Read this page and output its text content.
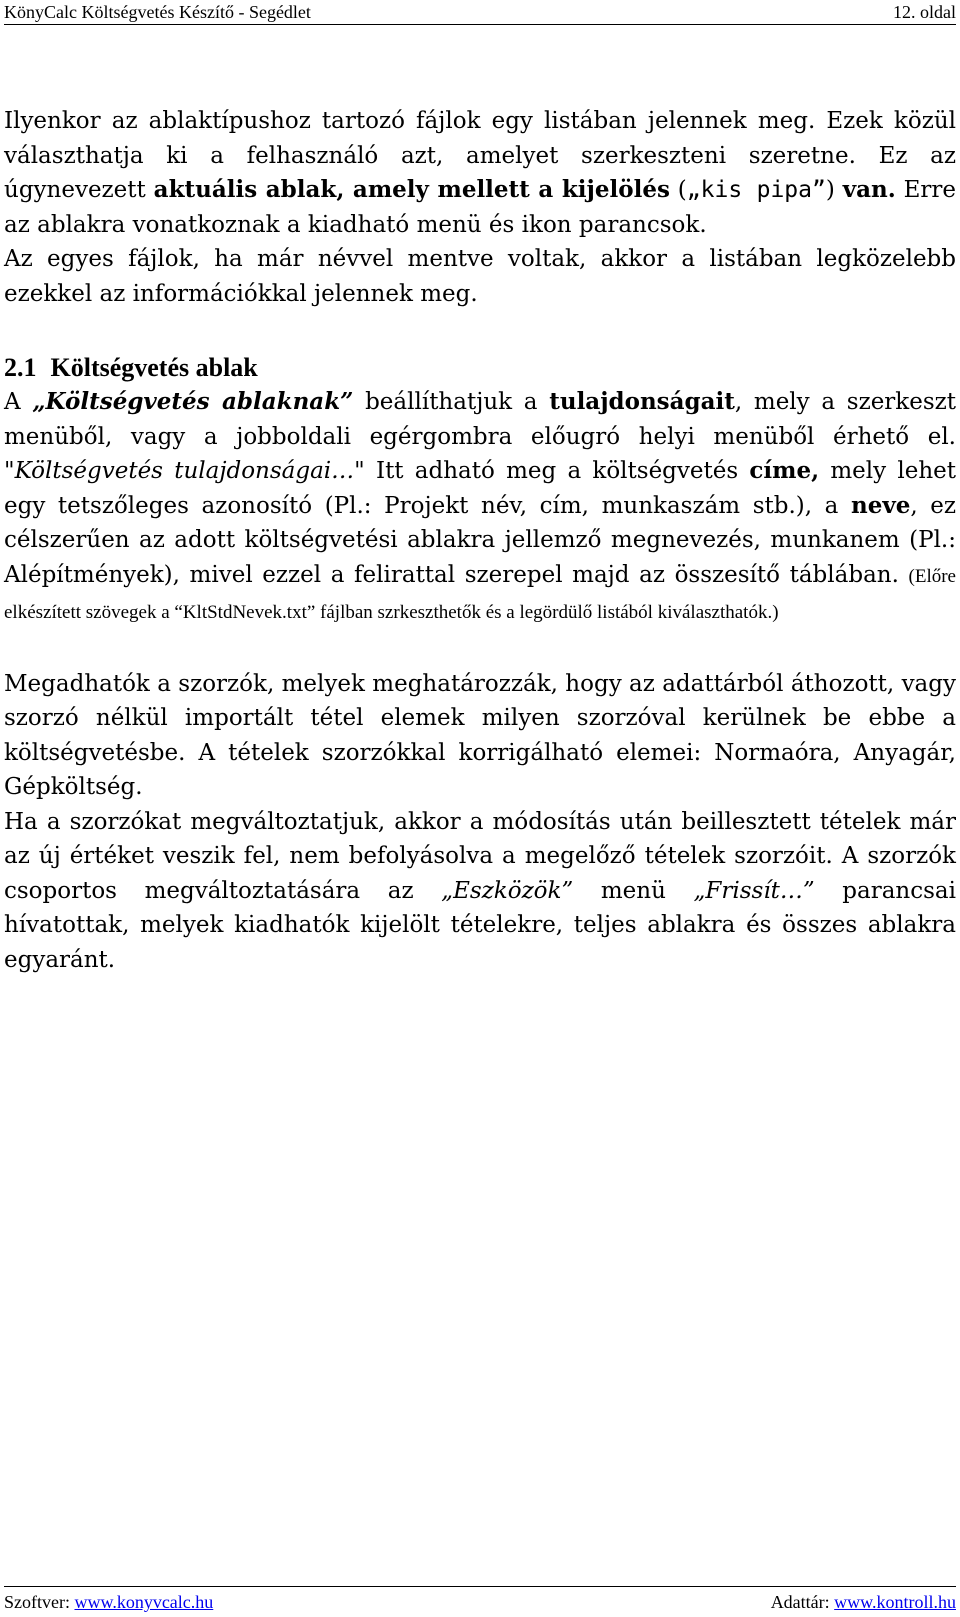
KönyCalc Költségvetés Készítő - Segédlet	12. oldal

Ilyenkor az ablaktípushoz tartozó fájlok egy listában jelennek meg. Ezek közül választhatja ki a felhasználó azt, amelyet szerkeszteni szeretne. Ez az úgynevezett aktuális ablak, amely mellett a kijelölés („kis pipa”) van. Erre az ablakra vonatkoznak a kiadható menü és ikon parancsok.

Az egyes fájlok, ha már névvel mentve voltak, akkor a listában legközelebb ezekkel az információkkal jelennek meg.

2.1 Költségvetés ablak

A „Költségvetés ablaknak” beállíthatjuk a tulajdonságait, mely a szerkeszt menüből, vagy a jobboldali egérgombra előugró helyi menüből érhető el. "Költségvetés tulajdonságai…" Itt adható meg a költségvetés címe, mely lehet egy tetszőleges azonosító (Pl.: Projekt név, cím, munkaszám stb.), a neve, ez célszerűen az adott költségvetési ablakra jellemző megnevezés, munkanem (Pl.: Alépítmények), mivel ezzel a felirattal szerepel majd az összesítő táblában. (Előre elkészített szövegek a “KltStdNevek.txt” fájlban szrkeszthetők és a legördülő listából kiválaszthatók.)

Megadhatók a szorzók, melyek meghatározzák, hogy az adattárból áthozott, vagy szorzó nélkül importált tétel elemek milyen szorzóval kerülnek be ebbe a költségvetésbe. A tételek szorzókkal korrigálható elemei: Normaóra, Anyagár, Gépköltség.

Ha a szorzókat megváltoztatjuk, akkor a módosítás után beillesztett tételek már az új értéket veszik fel, nem befolyásolva a megelőző tételek szorzóit. A szorzók csoportos megváltoztatására az „Eszközök” menü „Frissít…” parancsai hívatottak, melyek kiadhatók kijelölt tételekre, teljes ablakra és összes ablakra egyaránt.

Szoftver: www.konyvcalc.hu	Adattár: www.kontroll.hu
